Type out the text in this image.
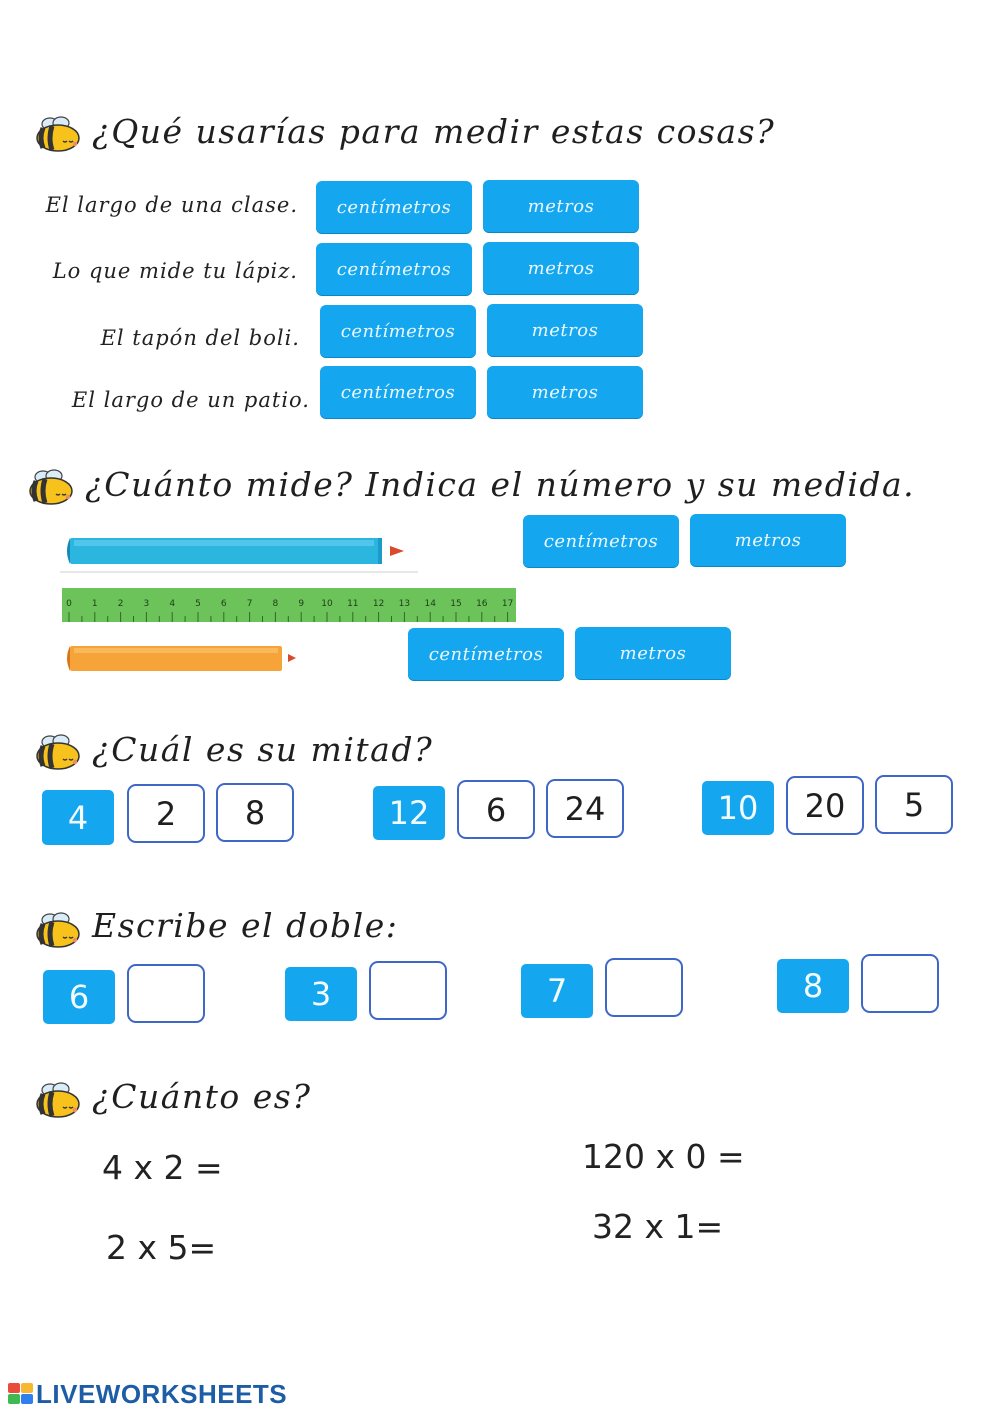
¿Qué usarías para medir estas cosas?
El largo de una clase.	centímetros	metros
Lo que mide tu lápiz.	centímetros	metros
El tapón del boli.	centímetros	metros
El largo de un patio.	centímetros	metros
¿Cuánto mide? Indica el número y su medida.
0 1 2 3 4 5 6 7 8 9 10 11 12 13 14 15 16 17
centímetros	metros
centímetros	metros
¿Cuál es su mitad?
4	2	8	12	6	24	10	20	5
Escribe el doble:
6	3	7	8
¿Cuánto es?
4 x 2 =
2 x 5=
120 x 0 =
32 x 1=
LIVEWORKSHEETS
